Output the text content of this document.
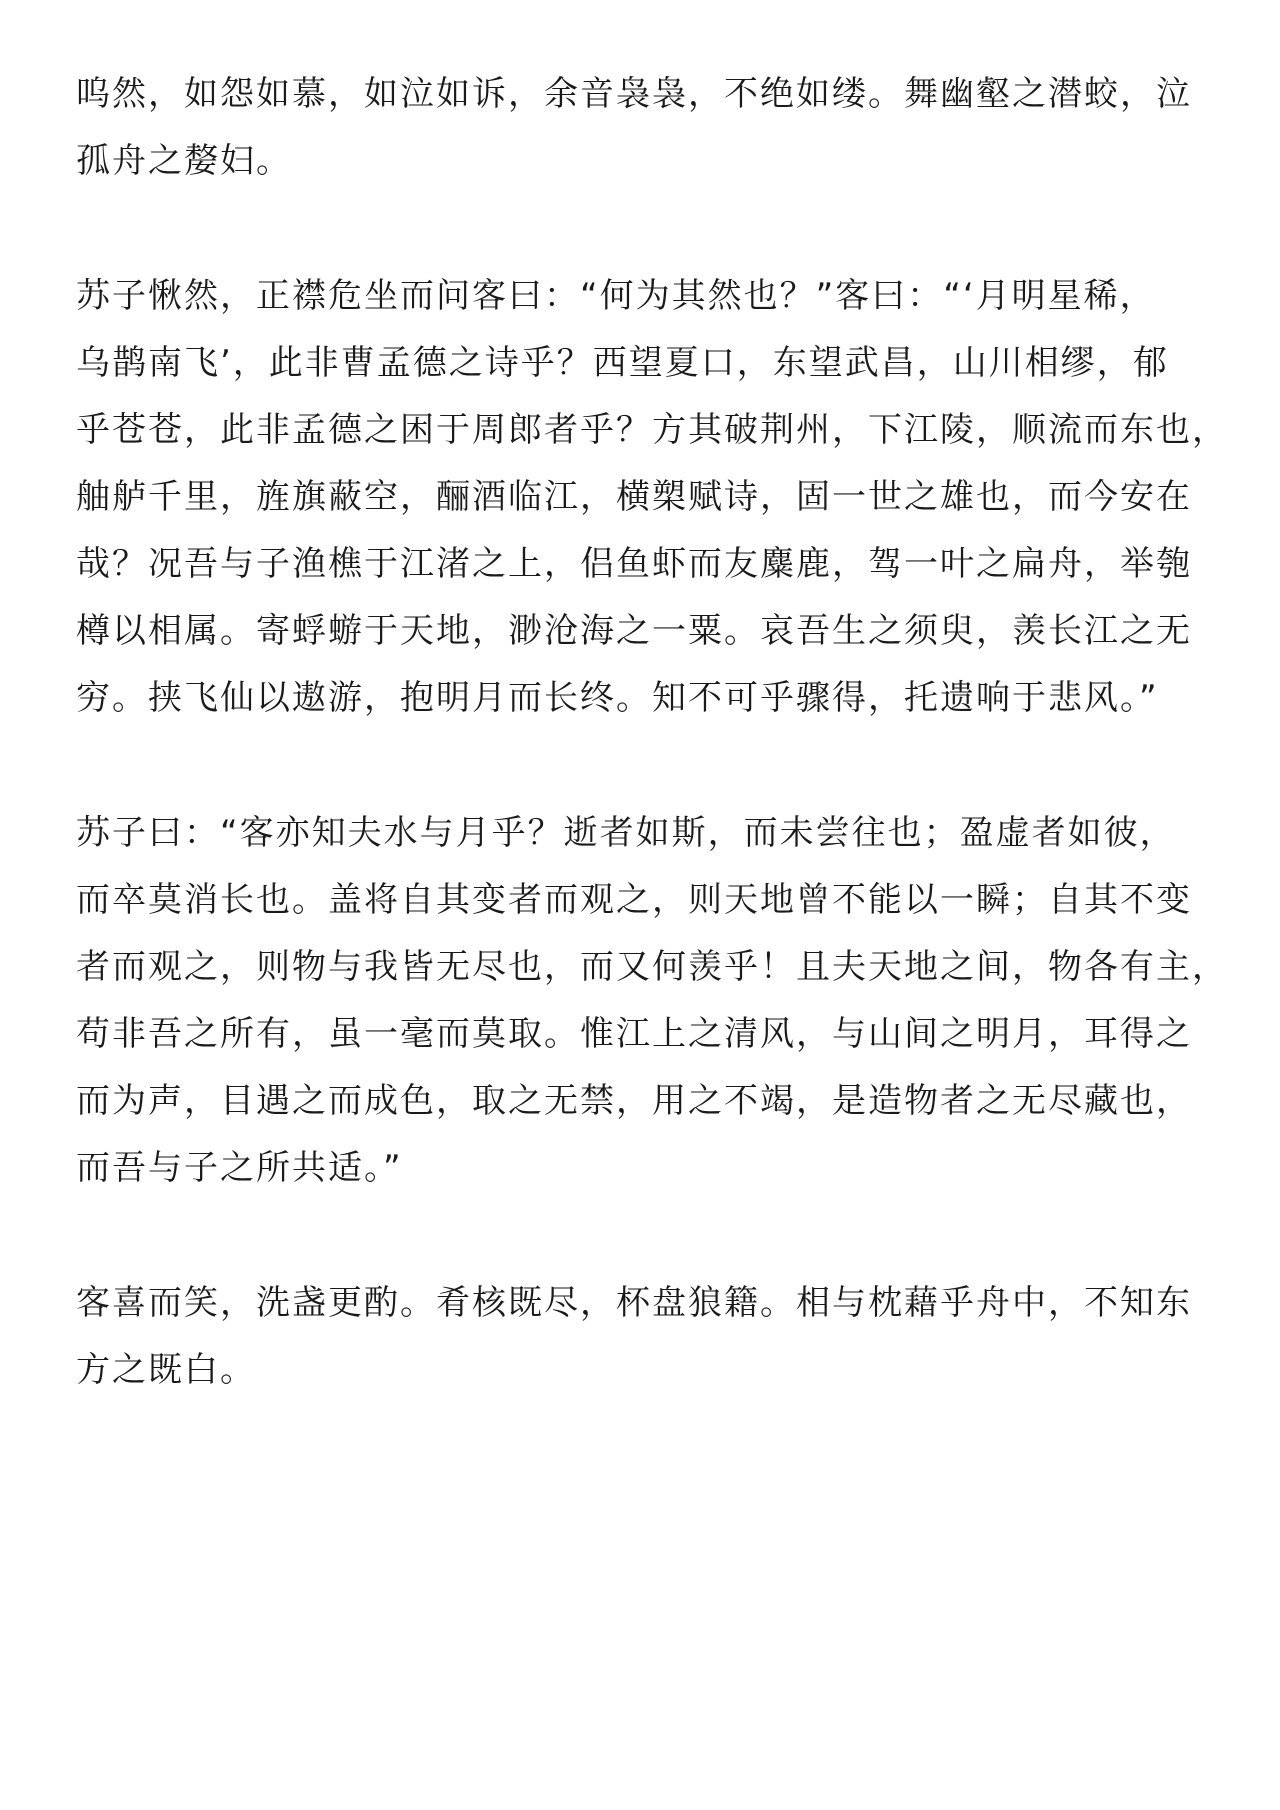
呜然，如怨如慕，如泣如诉，余音袅袅，不绝如缕。舞幽壑之潜蛟，泣
孤舟之嫠妇。

苏子愀然，正襟危坐而问客曰：“何为其然也？”客曰：“‘月明星稀，
乌鹊南飞’，此非曹孟德之诗乎？西望夏口，东望武昌，山川相缪，郁
乎苍苍，此非孟德之困于周郎者乎？方其破荆州，下江陵，顺流而东也，
舳舻千里，旌旗蔽空，酾酒临江，横槊赋诗，固一世之雄也，而今安在
哉？况吾与子渔樵于江渚之上，侣鱼虾而友麋鹿，驾一叶之扁舟，举匏
樽以相属。寄蜉蝣于天地，渺沧海之一粟。哀吾生之须臾，羡长江之无
穷。挟飞仙以遨游，抱明月而长终。知不可乎骤得，托遗响于悲风。”

苏子曰：“客亦知夫水与月乎？逝者如斯，而未尝往也；盈虚者如彼，
而卒莫消长也。盖将自其变者而观之，则天地曾不能以一瞬；自其不变
者而观之，则物与我皆无尽也，而又何羡乎！且夫天地之间，物各有主，
苟非吾之所有，虽一毫而莫取。惟江上之清风，与山间之明月，耳得之
而为声，目遇之而成色，取之无禁，用之不竭，是造物者之无尽藏也，
而吾与子之所共适。”

客喜而笑，洗盏更酌。肴核既尽，杯盘狼籍。相与枕藉乎舟中，不知东
方之既白。
